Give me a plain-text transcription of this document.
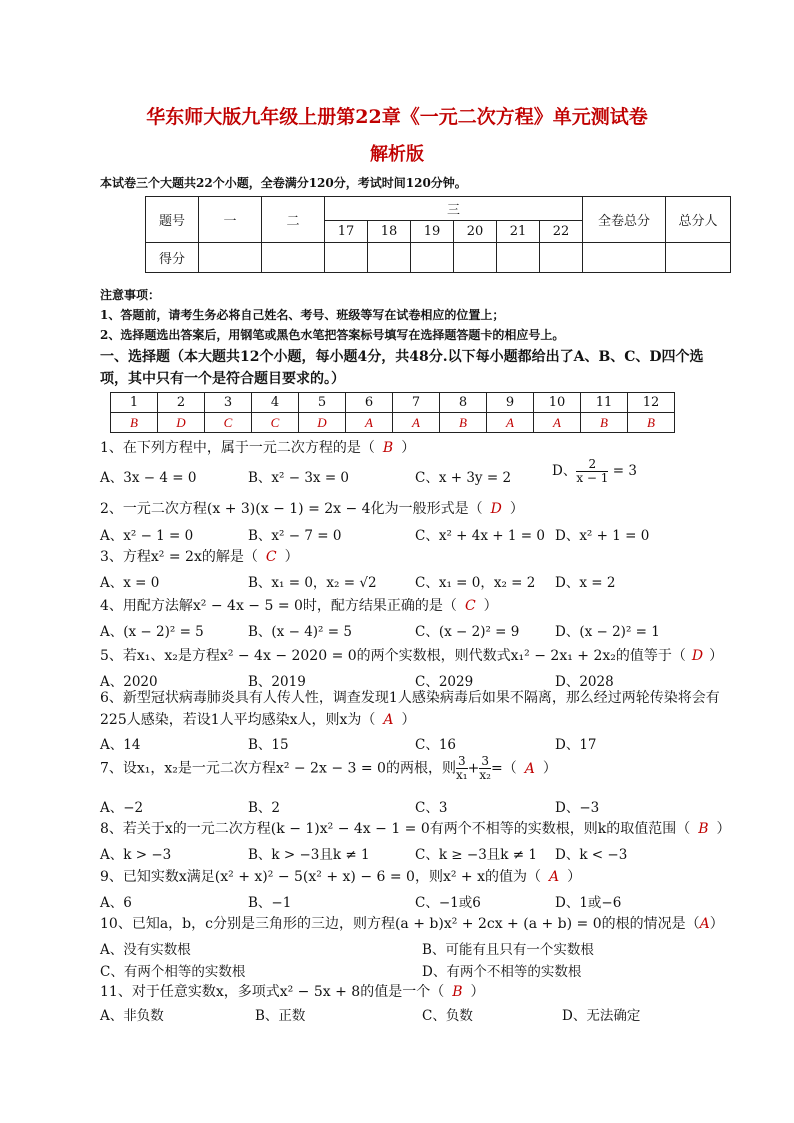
华东师大版九年级上册第22章《一元二次方程》单元测试卷
解析版
本试卷三个大题共22个小题，全卷满分120分，考试时间120分钟。
题号	一	二	三						全卷总分	总分人
			17	18	19	20	21	22		
得分										
注意事项：
1、答题前，请考生务必将自己姓名、考号、班级等写在试卷相应的位置上；
2、选择题选出答案后，用钢笔或黑色水笔把答案标号填写在选择题答题卡的相应号上。
一、选择题（本大题共12个小题，每小题4分，共48分.以下每小题都给出了A、B、C、D四个选项，其中只有一个是符合题目要求的。）
1	2	3	4	5	6	7	8	9	10	11	12
B	D	C	C	D	A	A	B	A	A	B	B
1、在下列方程中，属于一元二次方程的是（ B ）
A、3x − 4 = 0	B、x² − 3x = 0	C、x + 3y = 2	D、 $\frac{2}{x - 1} = 3$
2、一元二次方程(x + 3)(x − 1) = 2x − 4化为一般形式是（ D ）
A、x² − 1 = 0	B、x² − 7 = 0	C、x² + 4x + 1 = 0 D、x² + 1 = 0
3、方程x² = 2x的解是（ C ）
A、x = 0	B、x₁ = 0，x₂ = √2	C、x₁ = 0，x₂ = 2 D、x = 2
4、用配方法解x² − 4x − 5 = 0时，配方结果正确的是（ C ）
A、(x − 2)² = 5	B、(x − 4)² = 5	C、(x − 2)² = 9	D、(x − 2)² = 1
5、若x₁、x₂是方程x² − 4x − 2020 = 0的两个实数根，则代数式x₁² − 2x₁ + 2x₂的值等于（ D ）
A、2020	B、2019	C、2029	D、2028
6、新型冠状病毒肺炎具有人传人性，调查发现1人感染病毒后如果不隔离，那么经过两轮传染将会有225人感染，若设1人平均感染x人，则x为（ A ）
A、14	B、15	C、16	D、17
7、设x₁，x₂是一元二次方程x² − 2x − 3 = 0的两根，则 $\frac{3}{\text{x₁}} + \frac{3}{\text{x₂}}$ =（ A ）
A、−2	B、2	C、3	D、−3
8、若关于x的一元二次方程(k − 1)x² − 4x − 1 = 0有两个不相等的实数根，则k的取值范围（ B ）
A、k > −3	B、k > −3且k ≠ 1	C、k ≥ −3且k ≠ 1 D、k < −3
9、已知实数x满足(x² + x)² − 5(x² + x) − 6 = 0，则x² + x的值为（ A ）
A、6	B、−1	C、−1或6	D、1或−6
10、已知a，b，c分别是三角形的三边，则方程(a + b)x² + 2cx + (a + b) = 0的根的情况是（A）
A、没有实数根	B、可能有且只有一个实数根
C、有两个相等的实数根	D、有两个不相等的实数根
11、对于任意实数x，多项式x² − 5x + 8的值是一个（ B ）
A、非负数	B、正数	C、负数	D、无法确定
